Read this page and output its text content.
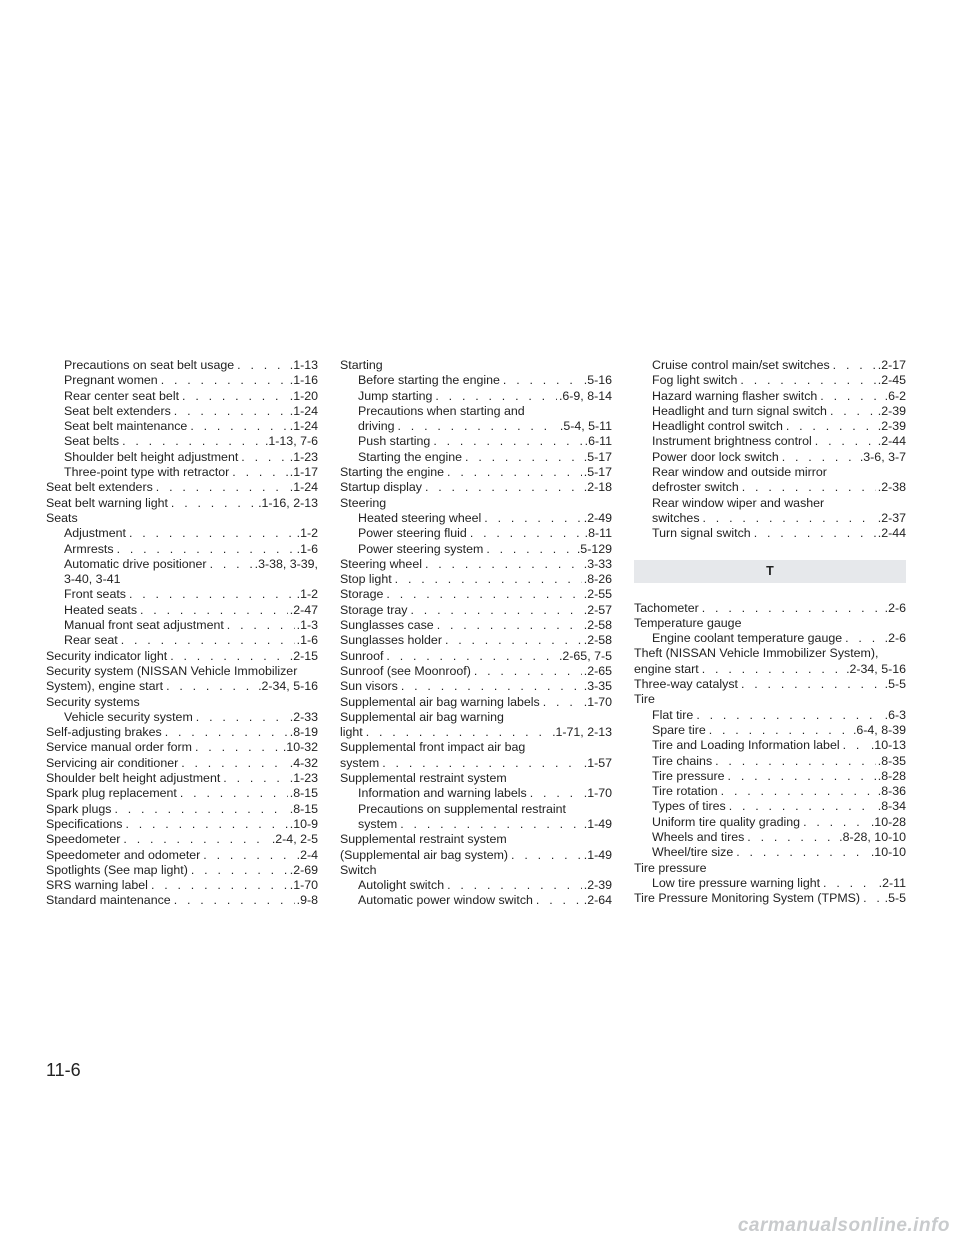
Precautions on seat belt usage . . .	.1-13
Pregnant women . . .	.1-16
Rear center seat belt . . .	.1-20
Seat belt extenders . . .	.1-24
Seat belt maintenance . . .	.1-24
Seat belts . . .	.1-13, 7-6
Shoulder belt height adjustment . . .	.1-23
Three-point type with retractor . . .	.1-17
Seat belt extenders . . .	.1-24
Seat belt warning light . . .	.1-16, 2-13
Seats
Adjustment . . .	.1-2
Armrests . . .	.1-6
Automatic drive positioner . . .	.3-38, 3-39,
3-40, 3-41
Front seats . . .	.1-2
Heated seats . . .	.2-47
Manual front seat adjustment . . .	.1-3
Rear seat . . .	.1-6
Security indicator light . . .	.2-15
Security system (NISSAN Vehicle Immobilizer
System), engine start . . .	.2-34, 5-16
Security systems
Vehicle security system . . .	.2-33
Self-adjusting brakes . . .	.8-19
Service manual order form . . .	.10-32
Servicing air conditioner . . .	.4-32
Shoulder belt height adjustment . . .	.1-23
Spark plug replacement . . .	.8-15
Spark plugs . . .	.8-15
Specifications . . .	.10-9
Speedometer . . .	.2-4, 2-5
Speedometer and odometer . . .	.2-4
Spotlights (See map light) . . .	.2-69
SRS warning label . . .	.1-70
Standard maintenance . . .	.9-8
Starting
Before starting the engine . . .	.5-16
Jump starting . . .	.6-9, 8-14
Precautions when starting and
driving . . .	.5-4, 5-11
Push starting . . .	.6-11
Starting the engine . . .	.5-17
Starting the engine . . .	.5-17
Startup display . . .	.2-18
Steering
Heated steering wheel . . .	.2-49
Power steering fluid . . .	.8-11
Power steering system . . .	.5-129
Steering wheel . . .	.3-33
Stop light . . .	.8-26
Storage . . .	.2-55
Storage tray . . .	.2-57
Sunglasses case . . .	.2-58
Sunglasses holder . . .	.2-58
Sunroof . . .	.2-65, 7-5
Sunroof (see Moonroof) . . .	.2-65
Sun visors . . .	.3-35
Supplemental air bag warning labels . . .	.1-70
Supplemental air bag warning
light . . .	.1-71, 2-13
Supplemental front impact air bag
system . . .	.1-57
Supplemental restraint system
Information and warning labels . . .	.1-70
Precautions on supplemental restraint
system . . .	.1-49
Supplemental restraint system
(Supplemental air bag system) . . .	.1-49
Switch
Autolight switch . . .	.2-39
Automatic power window switch . . .	.2-64
Cruise control main/set switches . . .	.2-17
Fog light switch . . .	.2-45
Hazard warning flasher switch . . .	.6-2
Headlight and turn signal switch . . .	.2-39
Headlight control switch . . .	.2-39
Instrument brightness control . . .	.2-44
Power door lock switch . . .	.3-6, 3-7
Rear window and outside mirror
defroster switch . . .	.2-38
Rear window wiper and washer
switches . . .	.2-37
Turn signal switch . . .	.2-44
T
Tachometer . . .	.2-6
Temperature gauge
Engine coolant temperature gauge . . .	.2-6
Theft (NISSAN Vehicle Immobilizer System),
engine start . . .	.2-34, 5-16
Three-way catalyst . . .	.5-5
Tire
Flat tire . . .	.6-3
Spare tire . . .	.6-4, 8-39
Tire and Loading Information label . . .	.10-13
Tire chains . . .	.8-35
Tire pressure . . .	.8-28
Tire rotation . . .	.8-36
Types of tires . . .	.8-34
Uniform tire quality grading . . .	.10-28
Wheels and tires . . .	.8-28, 10-10
Wheel/tire size . . .	.10-10
Tire pressure
Low tire pressure warning light . . .	.2-11
Tire Pressure Monitoring System (TPMS) . . . .5-5
11-6
carmanualsonline.info
